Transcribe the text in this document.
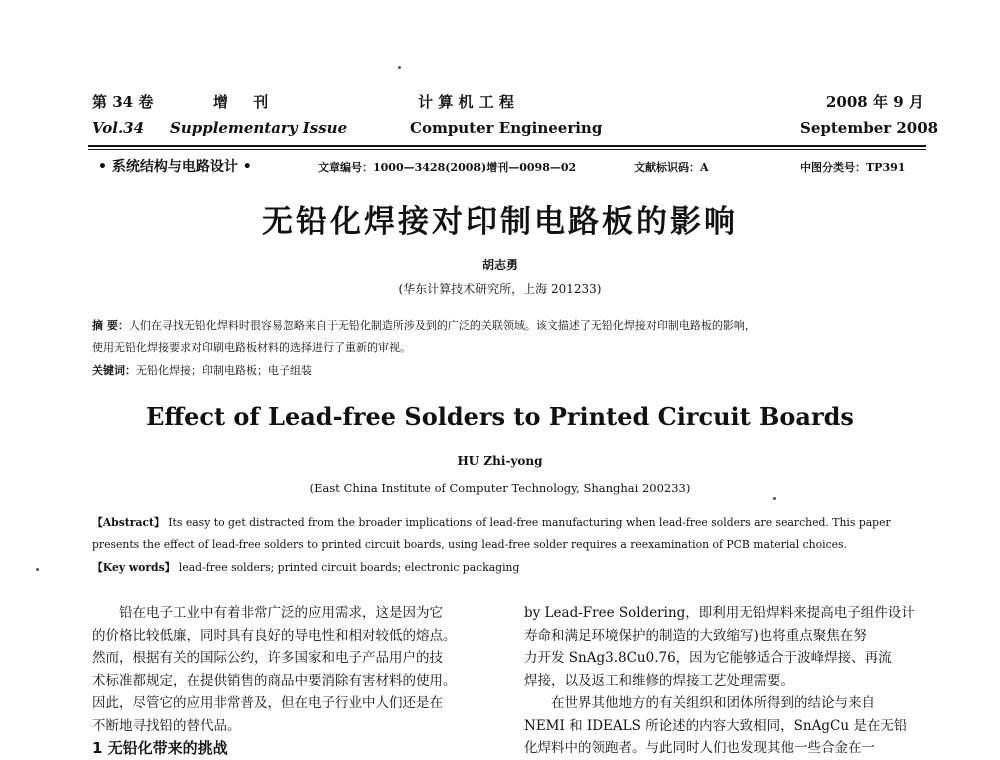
第 34 卷	增 刊	计 算 机 工 程	2008 年 9 月
Vol.34 Supplementary Issue	Computer Engineering	September 2008
• 系统结构与电路设计 •	文章编号：1000—3428(2008)增刊—0098—02	文献标识码：A	中图分类号：TP391
无铅化焊接对印制电路板的影响
胡志勇
(华东计算技术研究所，上海 201233)
摘 要：人们在寻找无铅化焊料时很容易忽略来自于无铅化制造所涉及到的广泛的关联领域。该文描述了无铅化焊接对印制电路板的影响，
使用无铅化焊接要求对印刷电路板材料的选择进行了重新的审视。
关键词：无铅化焊接；印制电路板；电子组装
Effect of Lead-free Solders to Printed Circuit Boards
HU Zhi-yong
(East China Institute of Computer Technology, Shanghai 200233)
【Abstract】 Its easy to get distracted from the broader implications of lead-free manufacturing when lead-free solders are searched. This paper
presents the effect of lead-free solders to printed circuit boards, using lead-free solder requires a reexamination of PCB material choices.
【Key words】 lead-free solders; printed circuit boards; electronic packaging
　　铅在电子工业中有着非常广泛的应用需求，这是因为它
的价格比较低廉，同时具有良好的导电性和相对较低的熔点。
然而，根据有关的国际公约，许多国家和电子产品用户的技
术标准都规定，在提供销售的商品中要消除有害材料的使用。
因此，尽管它的应用非常普及，但在电子行业中人们还是在
不断地寻找铅的替代品。
1 无铅化带来的挑战
by Lead-Free Soldering，即利用无铅焊料来提高电子组件设计
寿命和满足环境保护的制造的大致缩写)也将重点聚焦在努
力开发 SnAg3.8Cu0.76，因为它能够适合于波峰焊接、再流
焊接，以及返工和维修的焊接工艺处理需要。
　　在世界其他地方的有关组织和团体所得到的结论与来自
NEMI 和 IDEALS 所论述的内容大致相同，SnAgCu 是在无铅
化焊料中的领跑者。与此同时人们也发现其他一些合金在一
